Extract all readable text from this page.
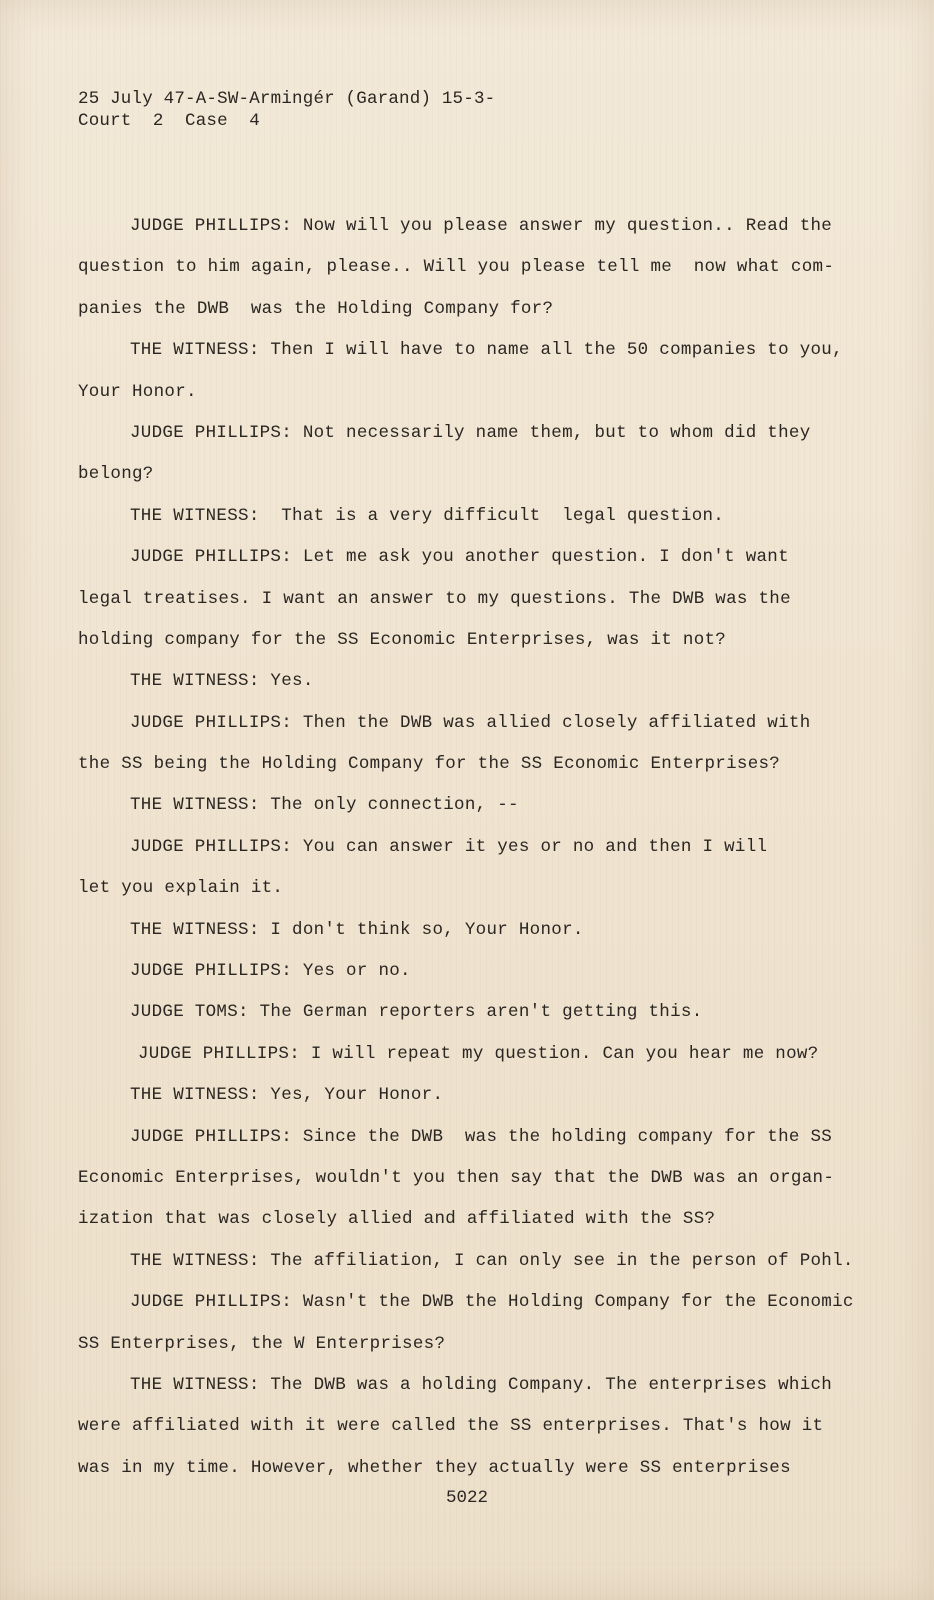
25 July 47-A-SW-Armingér (Garand) 15-3-
Court  2  Case  4
JUDGE PHILLIPS: Now will you please answer my question.. Read the
question to him again, please.. Will you please tell me  now what com-
panies the DWB  was the Holding Company for?
THE WITNESS: Then I will have to name all the 50 companies to you,
Your Honor.
JUDGE PHILLIPS: Not necessarily name them, but to whom did they
belong?
THE WITNESS:  That is a very difficult  legal question.
JUDGE PHILLIPS: Let me ask you another question. I don't want
legal treatises. I want an answer to my questions. The DWB was the
holding company for the SS Economic Enterprises, was it not?
THE WITNESS: Yes.
JUDGE PHILLIPS: Then the DWB was allied closely affiliated with
the SS being the Holding Company for the SS Economic Enterprises?
THE WITNESS: The only connection, --
JUDGE PHILLIPS: You can answer it yes or no and then I will
let you explain it.
THE WITNESS: I don't think so, Your Honor.
JUDGE PHILLIPS: Yes or no.
JUDGE TOMS: The German reporters aren't getting this.
JUDGE PHILLIPS: I will repeat my question. Can you hear me now?
THE WITNESS: Yes, Your Honor.
JUDGE PHILLIPS: Since the DWB  was the holding company for the SS
Economic Enterprises, wouldn't you then say that the DWB was an organ-
ization that was closely allied and affiliated with the SS?
THE WITNESS: The affiliation, I can only see in the person of Pohl.
JUDGE PHILLIPS: Wasn't the DWB the Holding Company for the Economic
SS Enterprises, the W Enterprises?
THE WITNESS: The DWB was a holding Company. The enterprises which
were affiliated with it were called the SS enterprises. That's how it
was in my time. However, whether they actually were SS enterprises
5022
